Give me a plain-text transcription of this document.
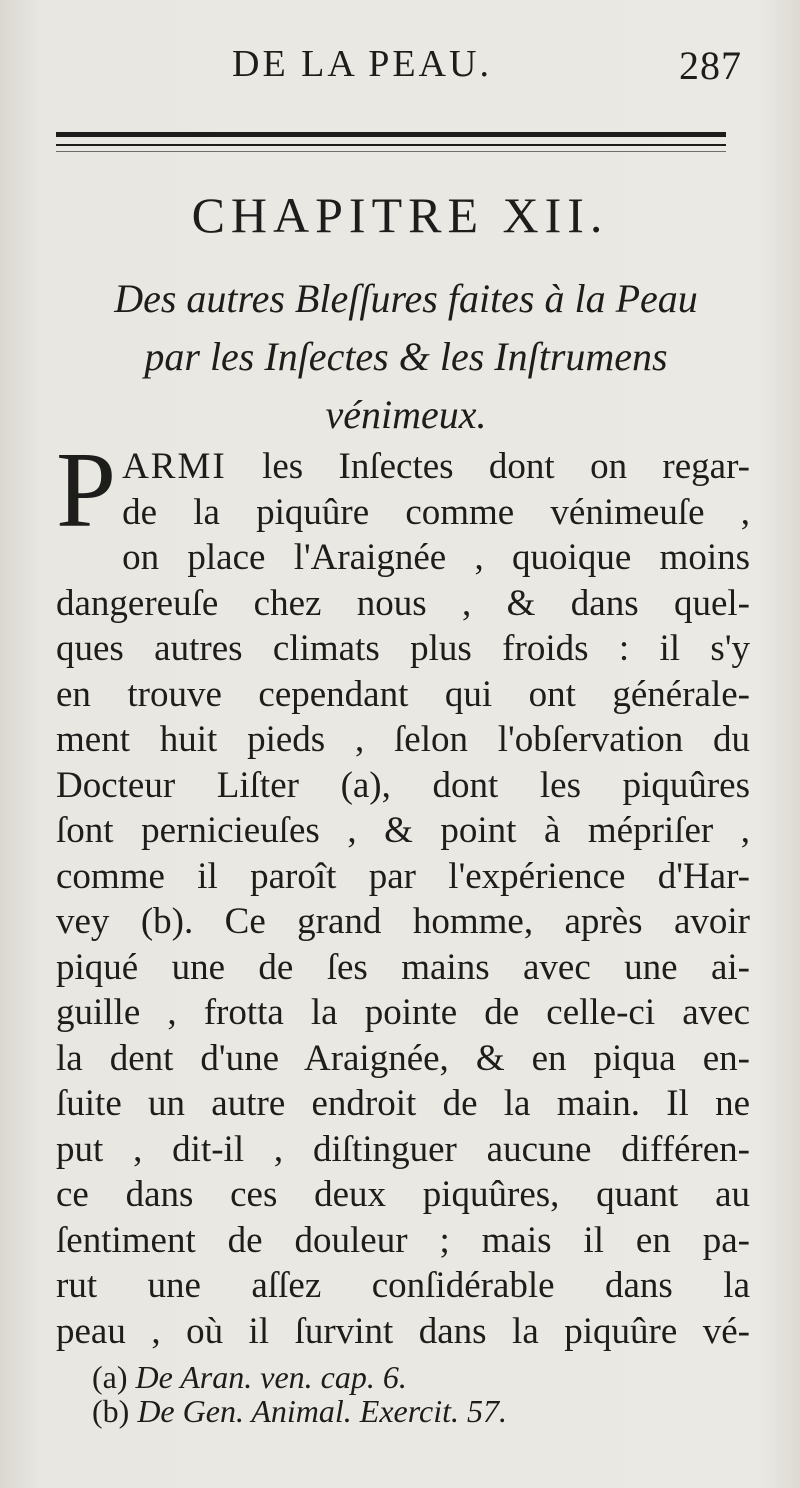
DE LA PEAU.	287
CHAPITRE XII.
Des autres Bleſſures faites à la Peau
par les Inſectes & les Inſtrumens
vénimeux.
P ARMI les Inſectes dont on regar-
de la piquûre comme vénimeuſe ,
on place l'Araignée , quoique moins
dangereuſe chez nous , & dans quel-
ques autres climats plus froids : il s'y
en trouve cependant qui ont générale-
ment huit pieds , ſelon l'obſervation du
Docteur Liſter (a), dont les piquûres
ſont pernicieuſes , & point à mépriſer ,
comme il paroît par l'expérience d'Har-
vey (b). Ce grand homme, après avoir
piqué une de ſes mains avec une ai-
guille , frotta la pointe de celle-ci avec
la dent d'une Araignée, & en piqua en-
ſuite un autre endroit de la main. Il ne
put , dit-il , diſtinguer aucune différen-
ce dans ces deux piquûres, quant au
ſentiment de douleur ; mais il en pa-
rut une aſſez conſidérable dans la
peau , où il ſurvint dans la piquûre vé-
(a) De Aran. ven. cap. 6.
(b) De Gen. Animal. Exercit. 57.
